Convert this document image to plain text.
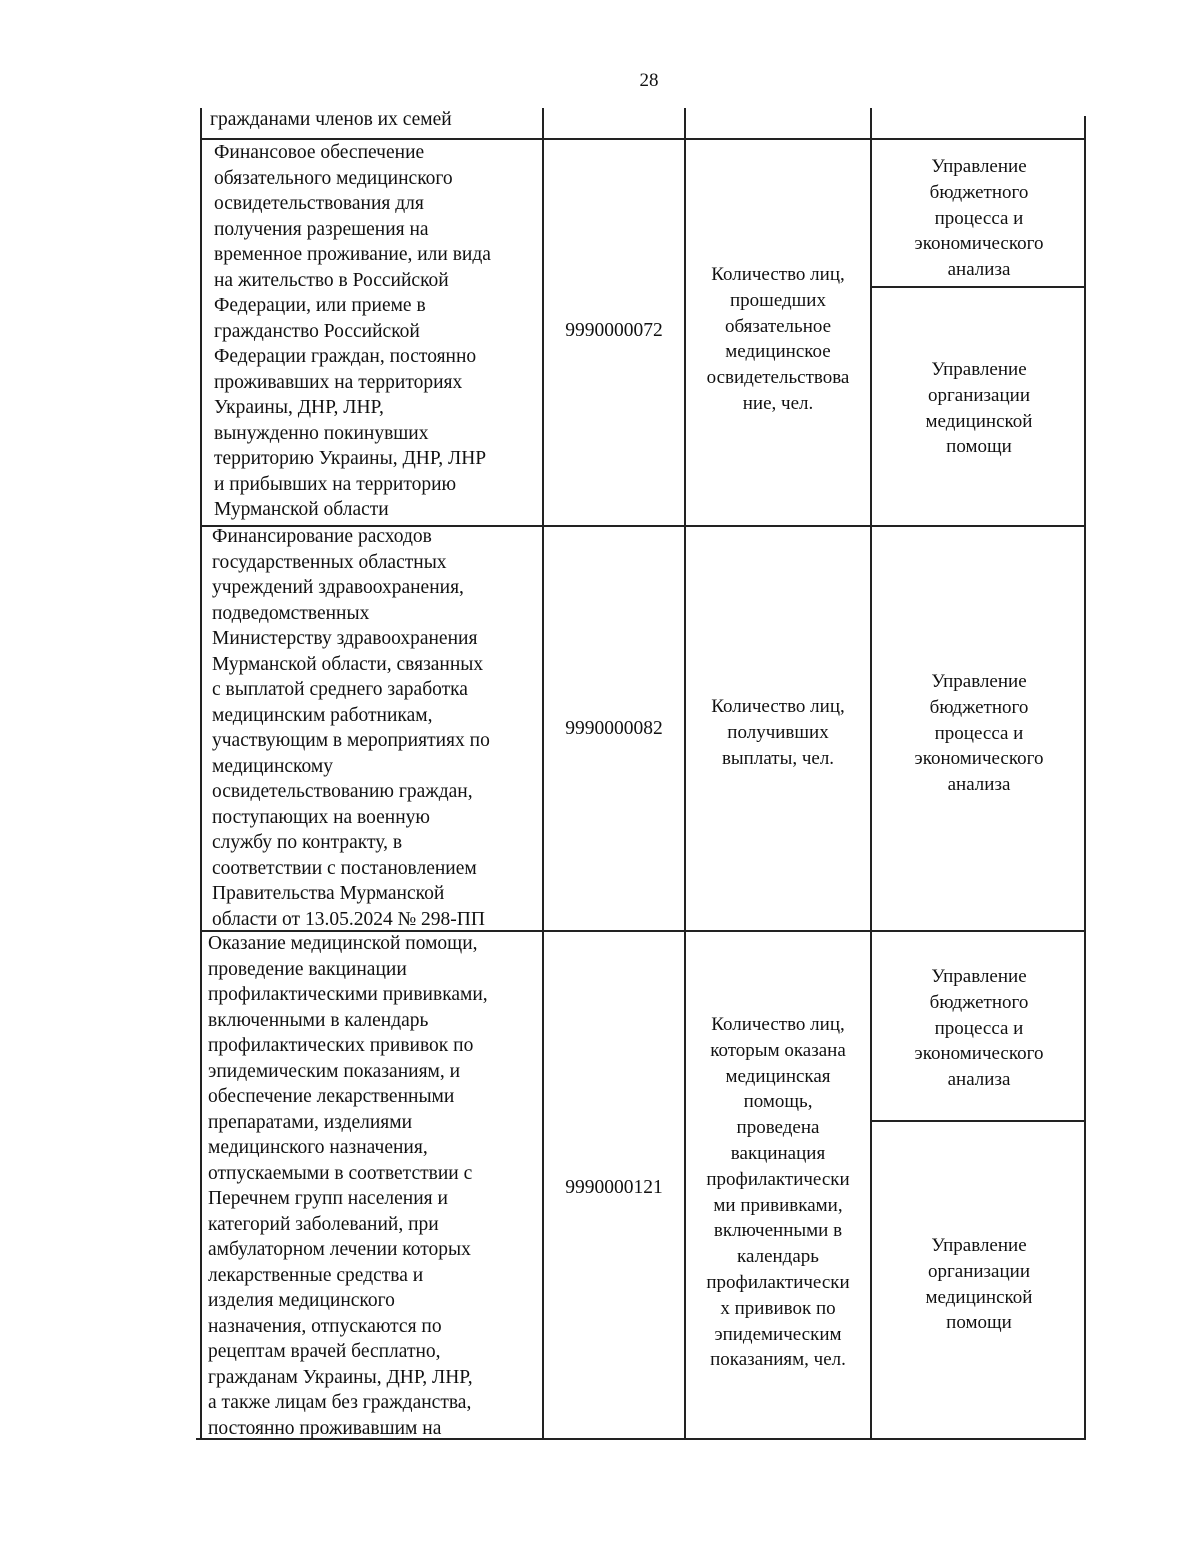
28
гражданами членов их семей
Финансовое обеспечение
обязательного медицинского
освидетельствования для
получения разрешения на
временное проживание, или вида
на жительство в Российской
Федерации, или приеме в
гражданство Российской
Федерации граждан, постоянно
проживавших на территориях
Украины, ДНР, ЛНР,
вынужденно покинувших
территорию Украины, ДНР, ЛНР
и прибывших на территорию
Мурманской области
9990000072
Количество лиц,
прошедших
обязательное
медицинское
освидетельствова
ние, чел.
Управление
бюджетного
процесса и
экономического
анализа
Управление
организации
медицинской
помощи
Финансирование расходов
государственных областных
учреждений здравоохранения,
подведомственных
Министерству здравоохранения
Мурманской области, связанных
с выплатой среднего заработка
медицинским работникам,
участвующим в мероприятиях по
медицинскому
освидетельствованию граждан,
поступающих на военную
службу по контракту, в
соответствии с постановлением
Правительства Мурманской
области от 13.05.2024 № 298-ПП
9990000082
Количество лиц,
получивших
выплаты, чел.
Управление
бюджетного
процесса и
экономического
анализа
Оказание медицинской помощи,
проведение вакцинации
профилактическими прививками,
включенными в календарь
профилактических прививок по
эпидемическим показаниям, и
обеспечение лекарственными
препаратами, изделиями
медицинского назначения,
отпускаемыми в соответствии с
Перечнем групп населения и
категорий заболеваний, при
амбулаторном лечении которых
лекарственные средства и
изделия медицинского
назначения, отпускаются по
рецептам врачей бесплатно,
гражданам Украины, ДНР, ЛНР,
а также лицам без гражданства,
постоянно проживавшим на
9990000121
Количество лиц,
которым оказана
медицинская
помощь,
проведена
вакцинация
профилактически
ми прививками,
включенными в
календарь
профилактически
х прививок по
эпидемическим
показаниям, чел.
Управление
бюджетного
процесса и
экономического
анализа
Управление
организации
медицинской
помощи
